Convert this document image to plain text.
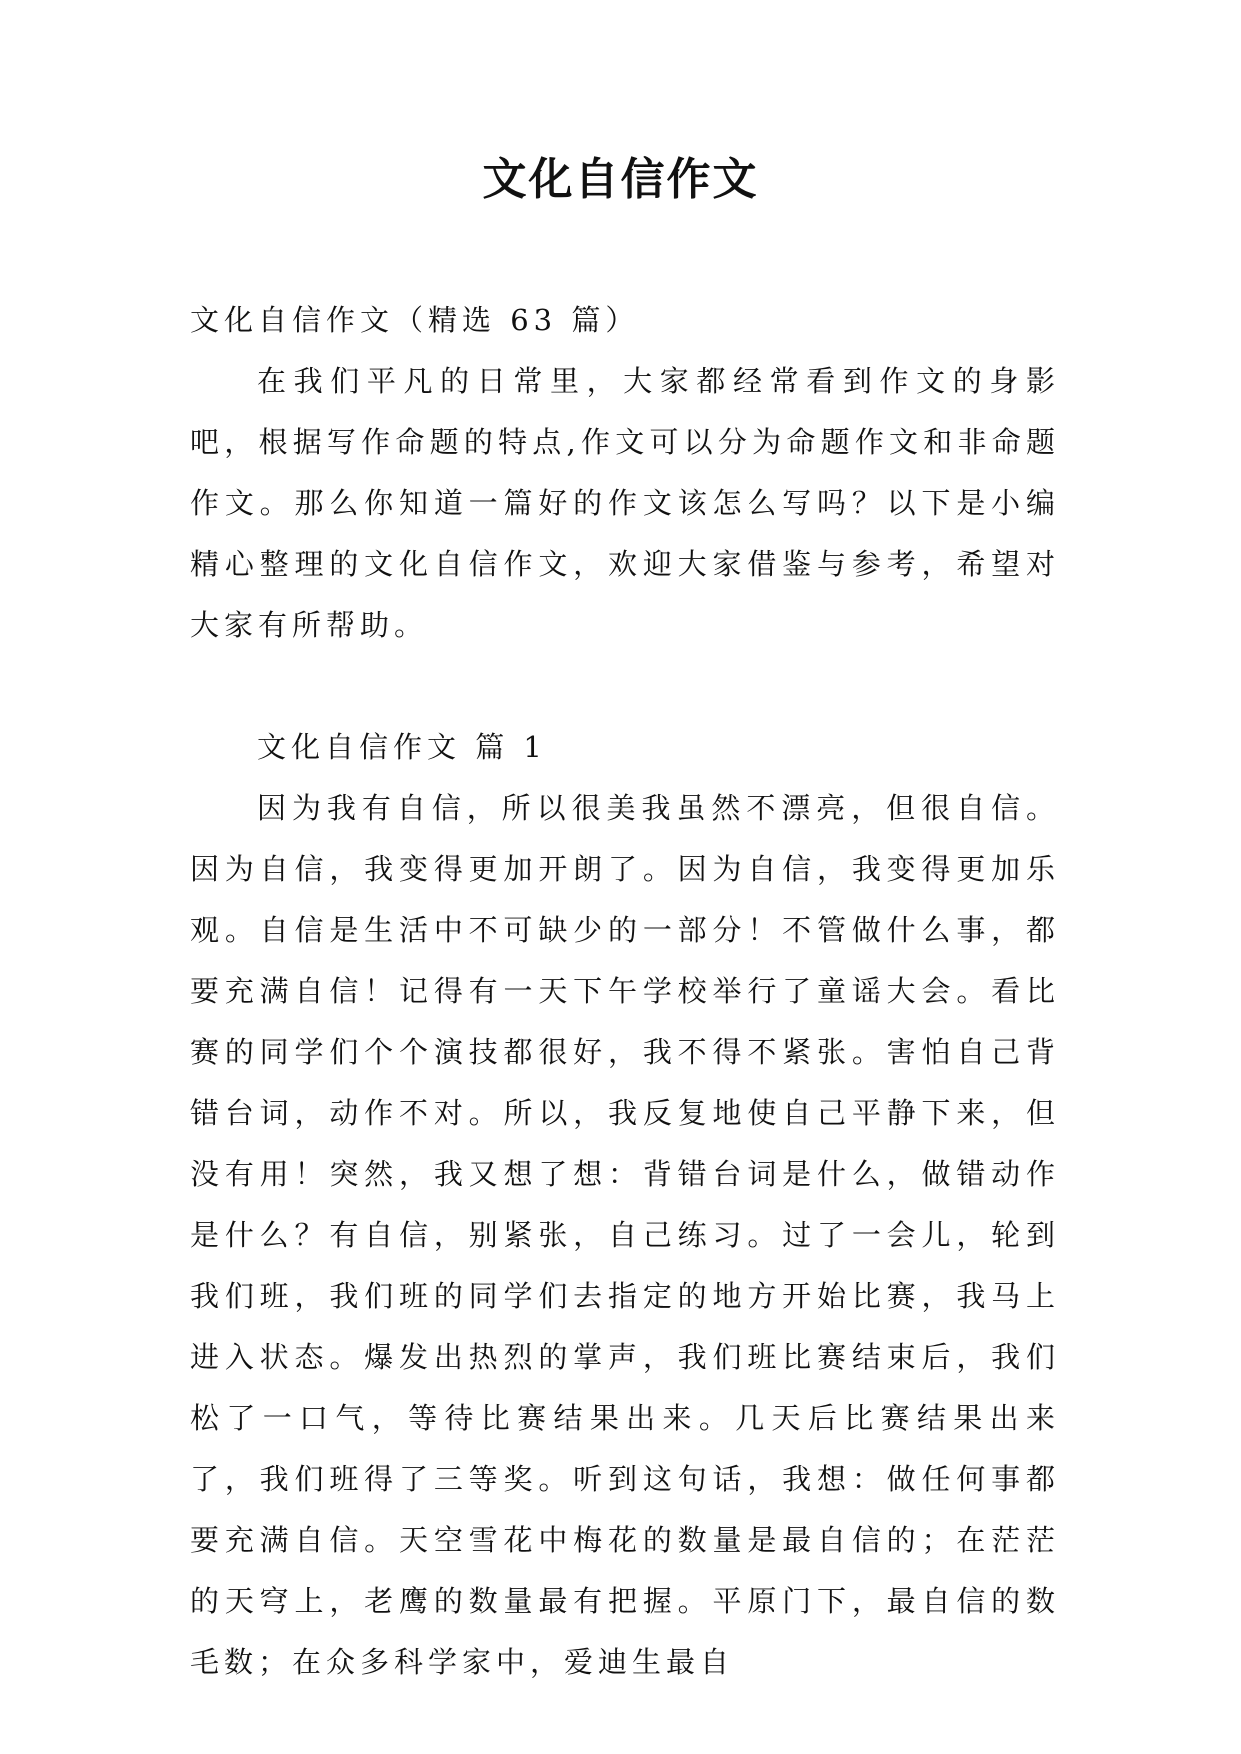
文化自信作文

文化自信作文（精选 63 篇）

在我们平凡的日常里，大家都经常看到作文的身影吧，根据写作命题的特点,作文可以分为命题作文和非命题作文。那么你知道一篇好的作文该怎么写吗？以下是小编精心整理的文化自信作文，欢迎大家借鉴与参考，希望对大家有所帮助。

文化自信作文 篇 1

因为我有自信，所以很美我虽然不漂亮，但很自信。因为自信，我变得更加开朗了。因为自信，我变得更加乐观。自信是生活中不可缺少的一部分！不管做什么事，都要充满自信！记得有一天下午学校举行了童谣大会。看比赛的同学们个个演技都很好，我不得不紧张。害怕自己背错台词，动作不对。所以，我反复地使自己平静下来，但没有用！突然，我又想了想：背错台词是什么，做错动作是什么？有自信，别紧张，自己练习。过了一会儿，轮到我们班，我们班的同学们去指定的地方开始比赛，我马上进入状态。爆发出热烈的掌声，我们班比赛结束后，我们松了一口气，等待比赛结果出来。几天后比赛结果出来了，我们班得了三等奖。听到这句话，我想：做任何事都要充满自信。天空雪花中梅花的数量是最自信的；在茫茫的天穹上，老鹰的数量最有把握。平原门下，最自信的数毛数；在众多科学家中，爱迪生最自
